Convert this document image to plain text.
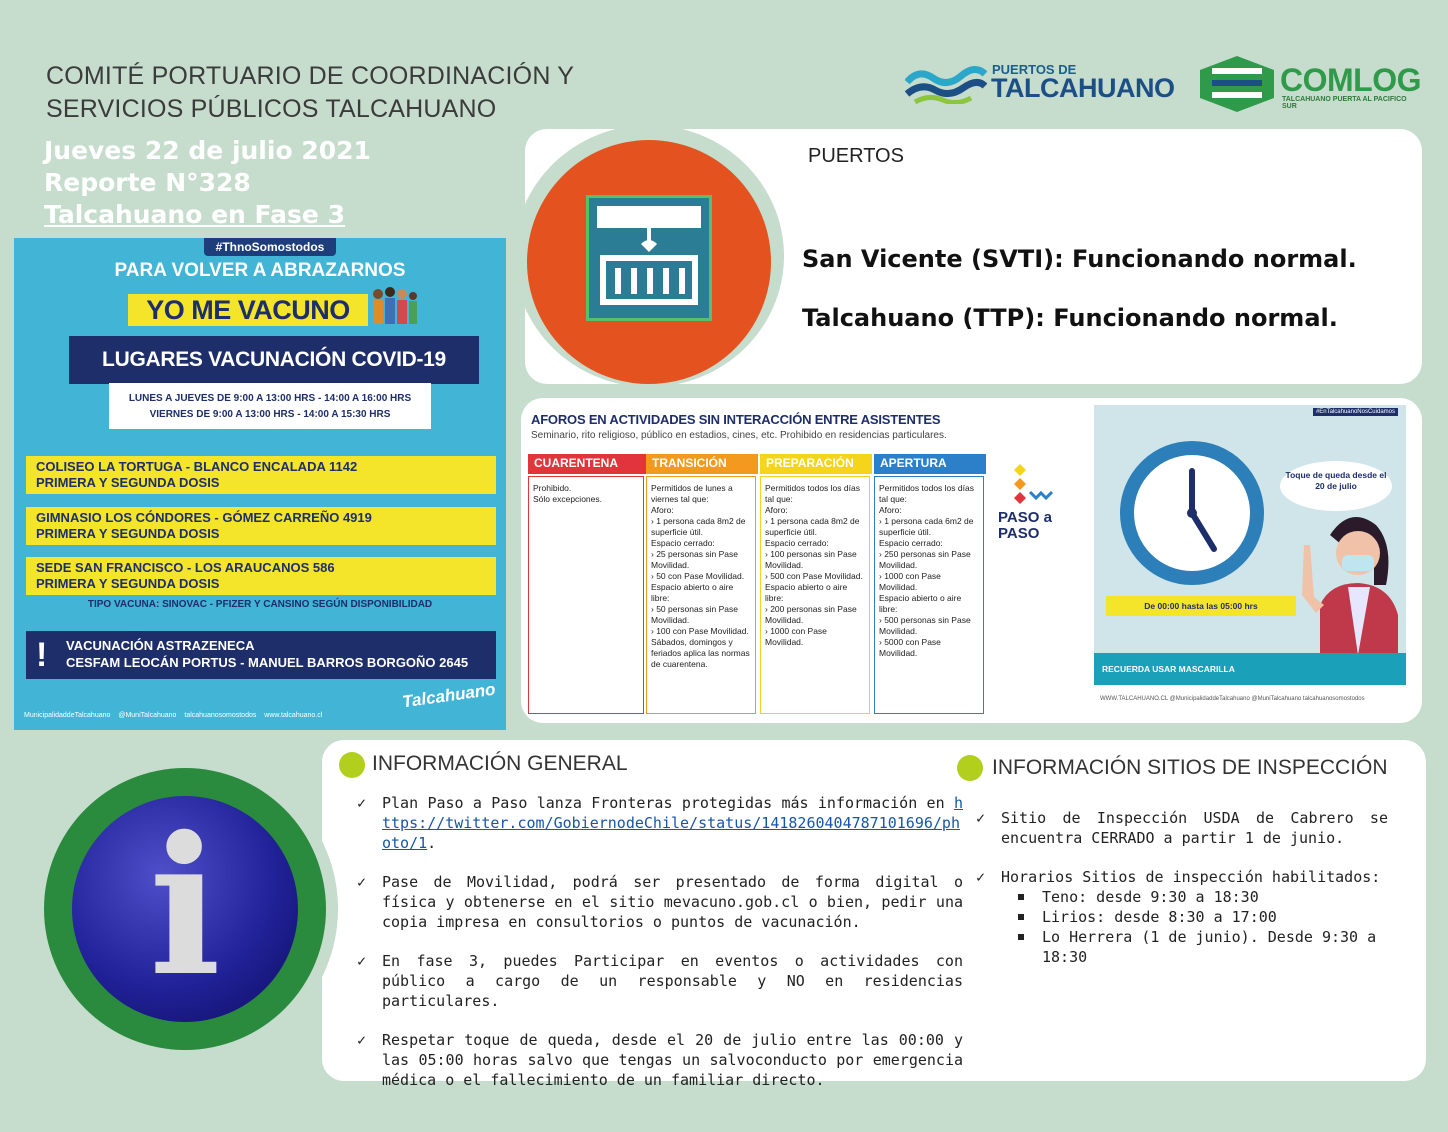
COMITÉ PORTUARIO DE COORDINACIÓN Y
SERVICIOS PÚBLICOS TALCAHUANO
Jueves 22 de julio 2021
Reporte N°328
Talcahuano en Fase 3
PUERTOS DE
TALCAHUANO	COMLOG
TALCAHUANO PUERTA AL PACIFICO SUR
#ThnoSomostodos
PARA VOLVER A ABRAZARNOS
YO ME VACUNO
LUGARES VACUNACIÓN COVID-19
LUNES A JUEVES DE 9:00 A 13:00 HRS - 14:00 A 16:00 HRS
VIERNES DE 9:00 A 13:00 HRS - 14:00 A 15:30 HRS
COLISEO LA TORTUGA - BLANCO ENCALADA 1142
PRIMERA Y SEGUNDA DOSIS
GIMNASIO LOS CÓNDORES - GÓMEZ CARREÑO 4919
PRIMERA Y SEGUNDA DOSIS
SEDE SAN FRANCISCO - LOS ARAUCANOS 586
PRIMERA Y SEGUNDA DOSIS
TIPO VACUNA: SINOVAC - PFIZER Y CANSINO SEGÚN DISPONIBILIDAD
! VACUNACIÓN ASTRAZENECA
CESFAM LEOCÁN PORTUS - MANUEL BARROS BORGOÑO 2645
MunicipalidaddeTalcahuano @MuniTalcahuano talcahuanosomostodos www.talcahuano.cl
Talcahuano
PUERTOS
San Vicente (SVTI): Funcionando normal.
Talcahuano (TTP): Funcionando normal.
AFOROS EN ACTIVIDADES SIN INTERACCIÓN ENTRE ASISTENTES
Seminario, rito religioso, público en estadios, cines, etc. Prohibido en residencias particulares.
CUARENTENA
Prohibido.
Sólo excepciones.
TRANSICIÓN
Permitidos de lunes a viernes tal que:
Aforo:
› 1 persona cada 8m2 de superficie útil.
Espacio cerrado:
› 25 personas sin Pase Movilidad.
› 50 con Pase Movilidad.
Espacio abierto o aire libre:
› 50 personas sin Pase Movilidad.
› 100 con Pase Movilidad.
Sábados, domingos y feriados aplica las normas de cuarentena.
PREPARACIÓN
Permitidos todos los días tal que:
Aforo:
› 1 persona cada 8m2 de superficie útil.
Espacio cerrado:
› 100 personas sin Pase Movilidad.
› 500 con Pase Movilidad.
Espacio abierto o aire libre:
› 200 personas sin Pase Movilidad.
› 1000 con Pase Movilidad.
APERTURA
Permitidos todos los días tal que:
Aforo:
› 1 persona cada 6m2 de superficie útil.
Espacio cerrado:
› 250 personas sin Pase Movilidad.
› 1000 con Pase Movilidad.
Espacio abierto o aire libre:
› 500 personas sin Pase Movilidad.
› 5000 con Pase Movilidad.
PASO a PASO
#EnTalcahuanoNosCuidamos
Toque de queda desde el 20 de julio
De 00:00 hasta las 05:00 hrs
RECUERDA USAR MASCARILLA
WWW.TALCAHUANO.CL @MunicipalidaddeTalcahuano @MuniTalcahuano talcahuanosomostodos
i
INFORMACIÓN GENERAL	INFORMACIÓN SITIOS DE INSPECCIÓN
✓ Plan Paso a Paso lanza Fronteras protegidas más información en https://twitter.com/GobiernodeChile/status/1418260404787101696/photo/1.
✓ Pase de Movilidad, podrá ser presentado de forma digital o física y obtenerse en el sitio mevacuno.gob.cl o bien, pedir una copia impresa en consultorios o puntos de vacunación.
✓ En fase 3, puedes Participar en eventos o actividades con público a cargo de un responsable y NO en residencias particulares.
✓ Respetar toque de queda, desde el 20 de julio entre las 00:00 y las 05:00 horas salvo que tengas un salvoconducto por emergencia médica o el fallecimiento de un familiar directo.
✓ Sitio de Inspección USDA de Cabrero se encuentra CERRADO a partir 1 de junio.
✓ Horarios Sitios de inspección habilitados:
Teno: desde 9:30 a 18:30
Lirios: desde 8:30 a 17:00
Lo Herrera (1 de junio). Desde 9:30 a 18:30
